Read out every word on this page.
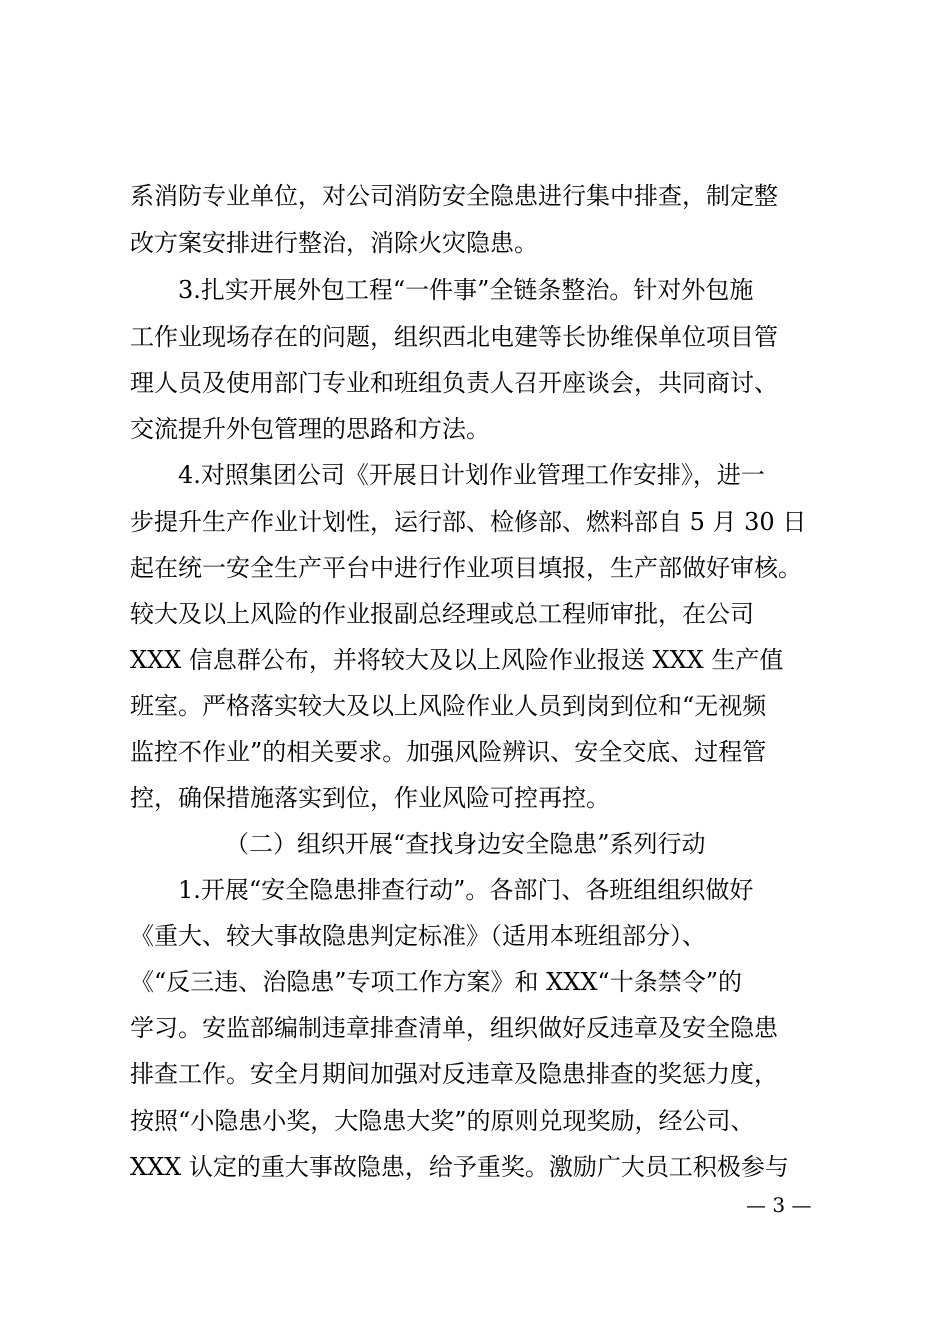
系消防专业单位，对公司消防安全隐患进行集中排查，制定整
改方案安排进行整治，消除火灾隐患。
3.扎实开展外包工程“一件事”全链条整治。针对外包施
工作业现场存在的问题，组织西北电建等长协维保单位项目管
理人员及使用部门专业和班组负责人召开座谈会，共同商讨、
交流提升外包管理的思路和方法。
4.对照集团公司《开展日计划作业管理工作安排》，进一
步提升生产作业计划性，运行部、检修部、燃料部自 5 月 30 日
起在统一安全生产平台中进行作业项目填报，生产部做好审核。
较大及以上风险的作业报副总经理或总工程师审批，在公司
XXX 信息群公布，并将较大及以上风险作业报送 XXX 生产值
班室。严格落实较大及以上风险作业人员到岗到位和“无视频
监控不作业”的相关要求。加强风险辨识、安全交底、过程管
控，确保措施落实到位，作业风险可控再控。
（二）组织开展“查找身边安全隐患”系列行动
1.开展“安全隐患排查行动”。各部门、各班组组织做好
《重大、较大事故隐患判定标准》（适用本班组部分）、
《“反三违、治隐患”专项工作方案》和 XXX“十条禁令”的
学习。安监部编制违章排查清单，组织做好反违章及安全隐患
排查工作。安全月期间加强对反违章及隐患排查的奖惩力度，
按照“小隐患小奖，大隐患大奖”的原则兑现奖励，经公司、
XXX 认定的重大事故隐患，给予重奖。激励广大员工积极参与
— 3 —
